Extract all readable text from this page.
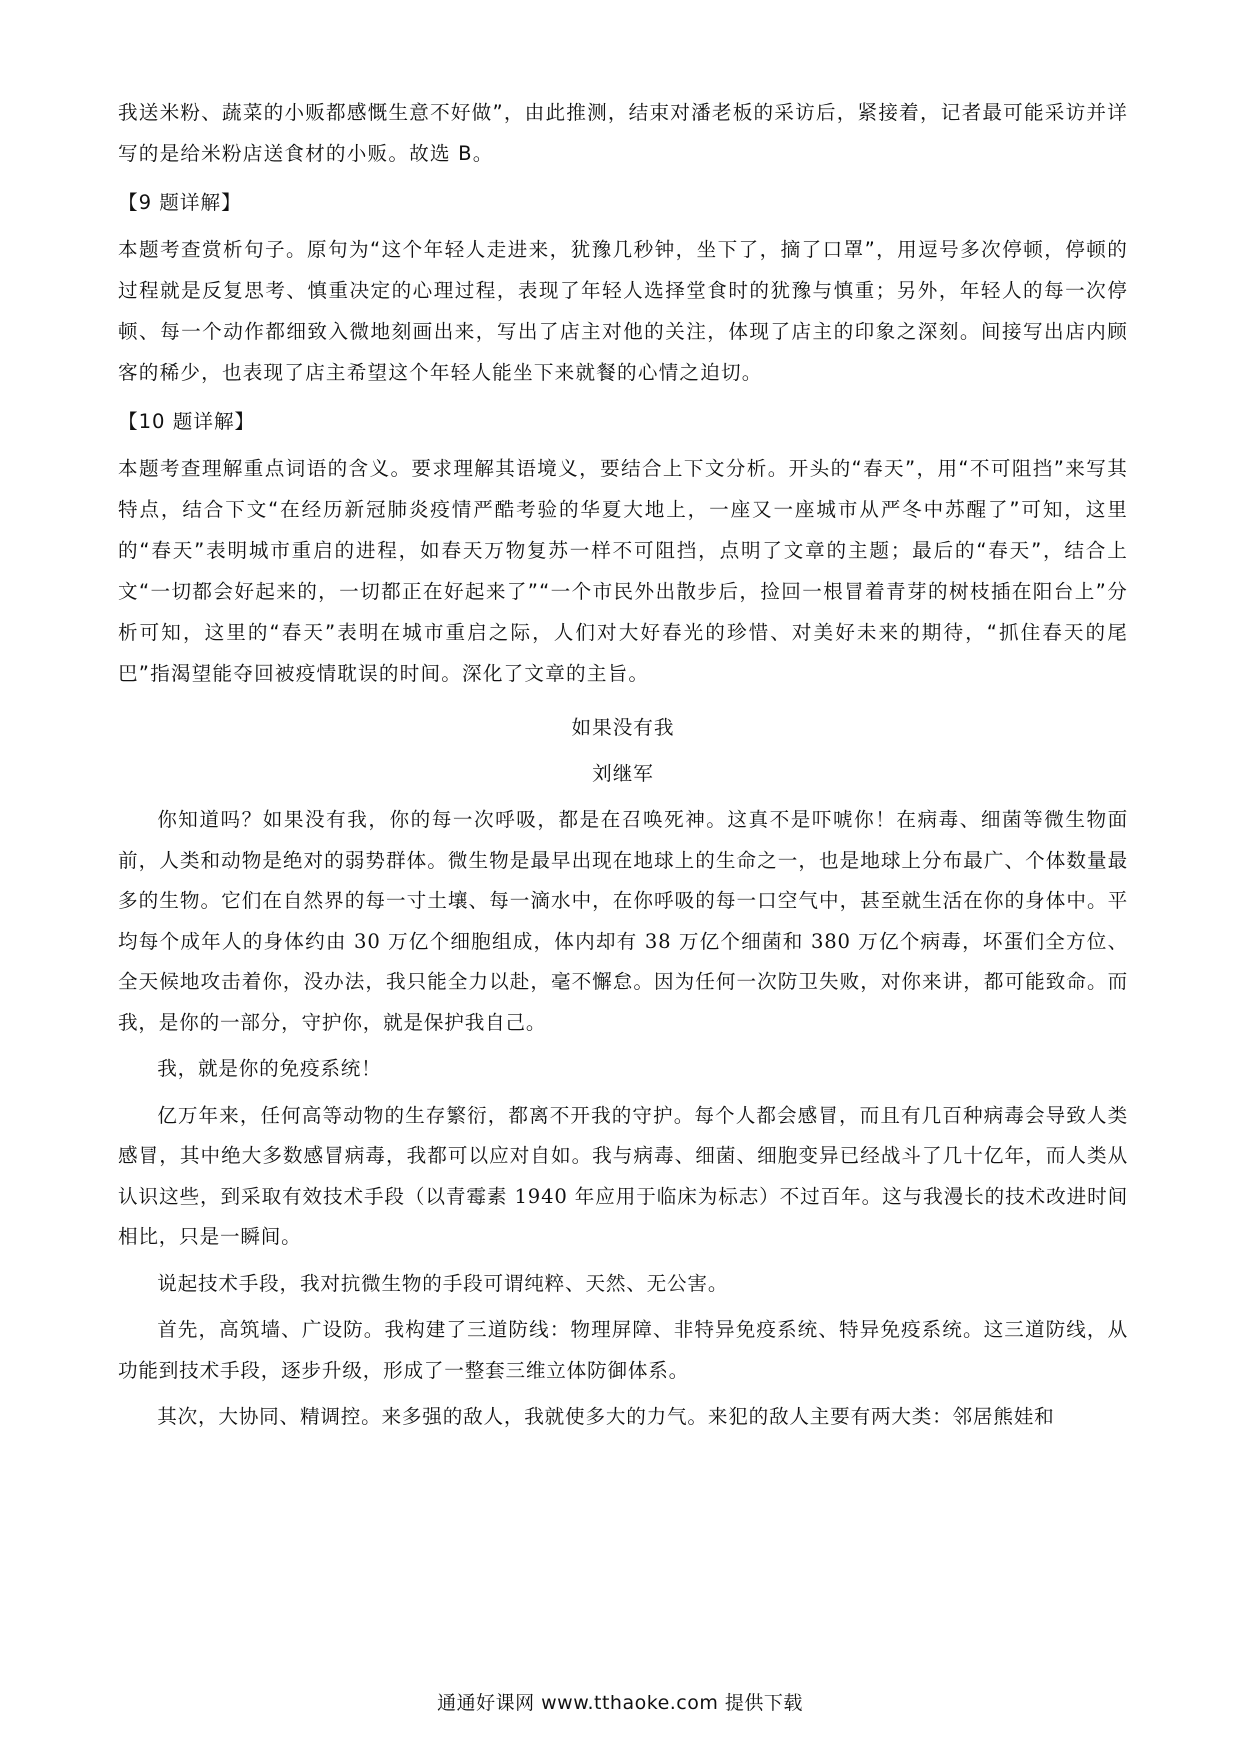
我送米粉、蔬菜的小贩都感慨生意不好做”，由此推测，结束对潘老板的采访后，紧接着，记者最可能采访并详写的是给米粉店送食材的小贩。故选 B。

【9 题详解】

本题考查赏析句子。原句为“这个年轻人走进来，犹豫几秒钟，坐下了，摘了口罩”，用逗号多次停顿，停顿的过程就是反复思考、慎重决定的心理过程，表现了年轻人选择堂食时的犹豫与慎重；另外，年轻人的每一次停顿、每一个动作都细致入微地刻画出来，写出了店主对他的关注，体现了店主的印象之深刻。间接写出店内顾客的稀少，也表现了店主希望这个年轻人能坐下来就餐的心情之迫切。

【10 题详解】

本题考查理解重点词语的含义。要求理解其语境义，要结合上下文分析。开头的“春天”，用“不可阻挡”来写其特点，结合下文“在经历新冠肺炎疫情严酷考验的华夏大地上，一座又一座城市从严冬中苏醒了”可知，这里的“春天”表明城市重启的进程，如春天万物复苏一样不可阻挡，点明了文章的主题；最后的“春天”，结合上文“一切都会好起来的，一切都正在好起来了”“一个市民外出散步后，捡回一根冒着青芽的树枝插在阳台上”分析可知，这里的“春天”表明在城市重启之际，人们对大好春光的珍惜、对美好未来的期待，“抓住春天的尾巴”指渴望能夺回被疫情耽误的时间。深化了文章的主旨。

如果没有我
刘继军

你知道吗？如果没有我，你的每一次呼吸，都是在召唤死神。这真不是吓唬你！在病毒、细菌等微生物面前，人类和动物是绝对的弱势群体。微生物是最早出现在地球上的生命之一，也是地球上分布最广、个体数量最多的生物。它们在自然界的每一寸土壤、每一滴水中，在你呼吸的每一口空气中，甚至就生活在你的身体中。平均每个成年人的身体约由 30 万亿个细胞组成，体内却有 38 万亿个细菌和 380 万亿个病毒，坏蛋们全方位、全天候地攻击着你，没办法，我只能全力以赴，毫不懈怠。因为任何一次防卫失败，对你来讲，都可能致命。而我，是你的一部分，守护你，就是保护我自己。

我，就是你的免疫系统！

亿万年来，任何高等动物的生存繁衍，都离不开我的守护。每个人都会感冒，而且有几百种病毒会导致人类感冒，其中绝大多数感冒病毒，我都可以应对自如。我与病毒、细菌、细胞变异已经战斗了几十亿年，而人类从认识这些，到采取有效技术手段（以青霉素 1940 年应用于临床为标志）不过百年。这与我漫长的技术改进时间相比，只是一瞬间。

说起技术手段，我对抗微生物的手段可谓纯粹、天然、无公害。

首先，高筑墙、广设防。我构建了三道防线：物理屏障、非特异免疫系统、特异免疫系统。这三道防线，从功能到技术手段，逐步升级，形成了一整套三维立体防御体系。

其次，大协同、精调控。来多强的敌人，我就使多大的力气。来犯的敌人主要有两大类：邻居熊娃和

通通好课网 www.tthaoke.com 提供下载
